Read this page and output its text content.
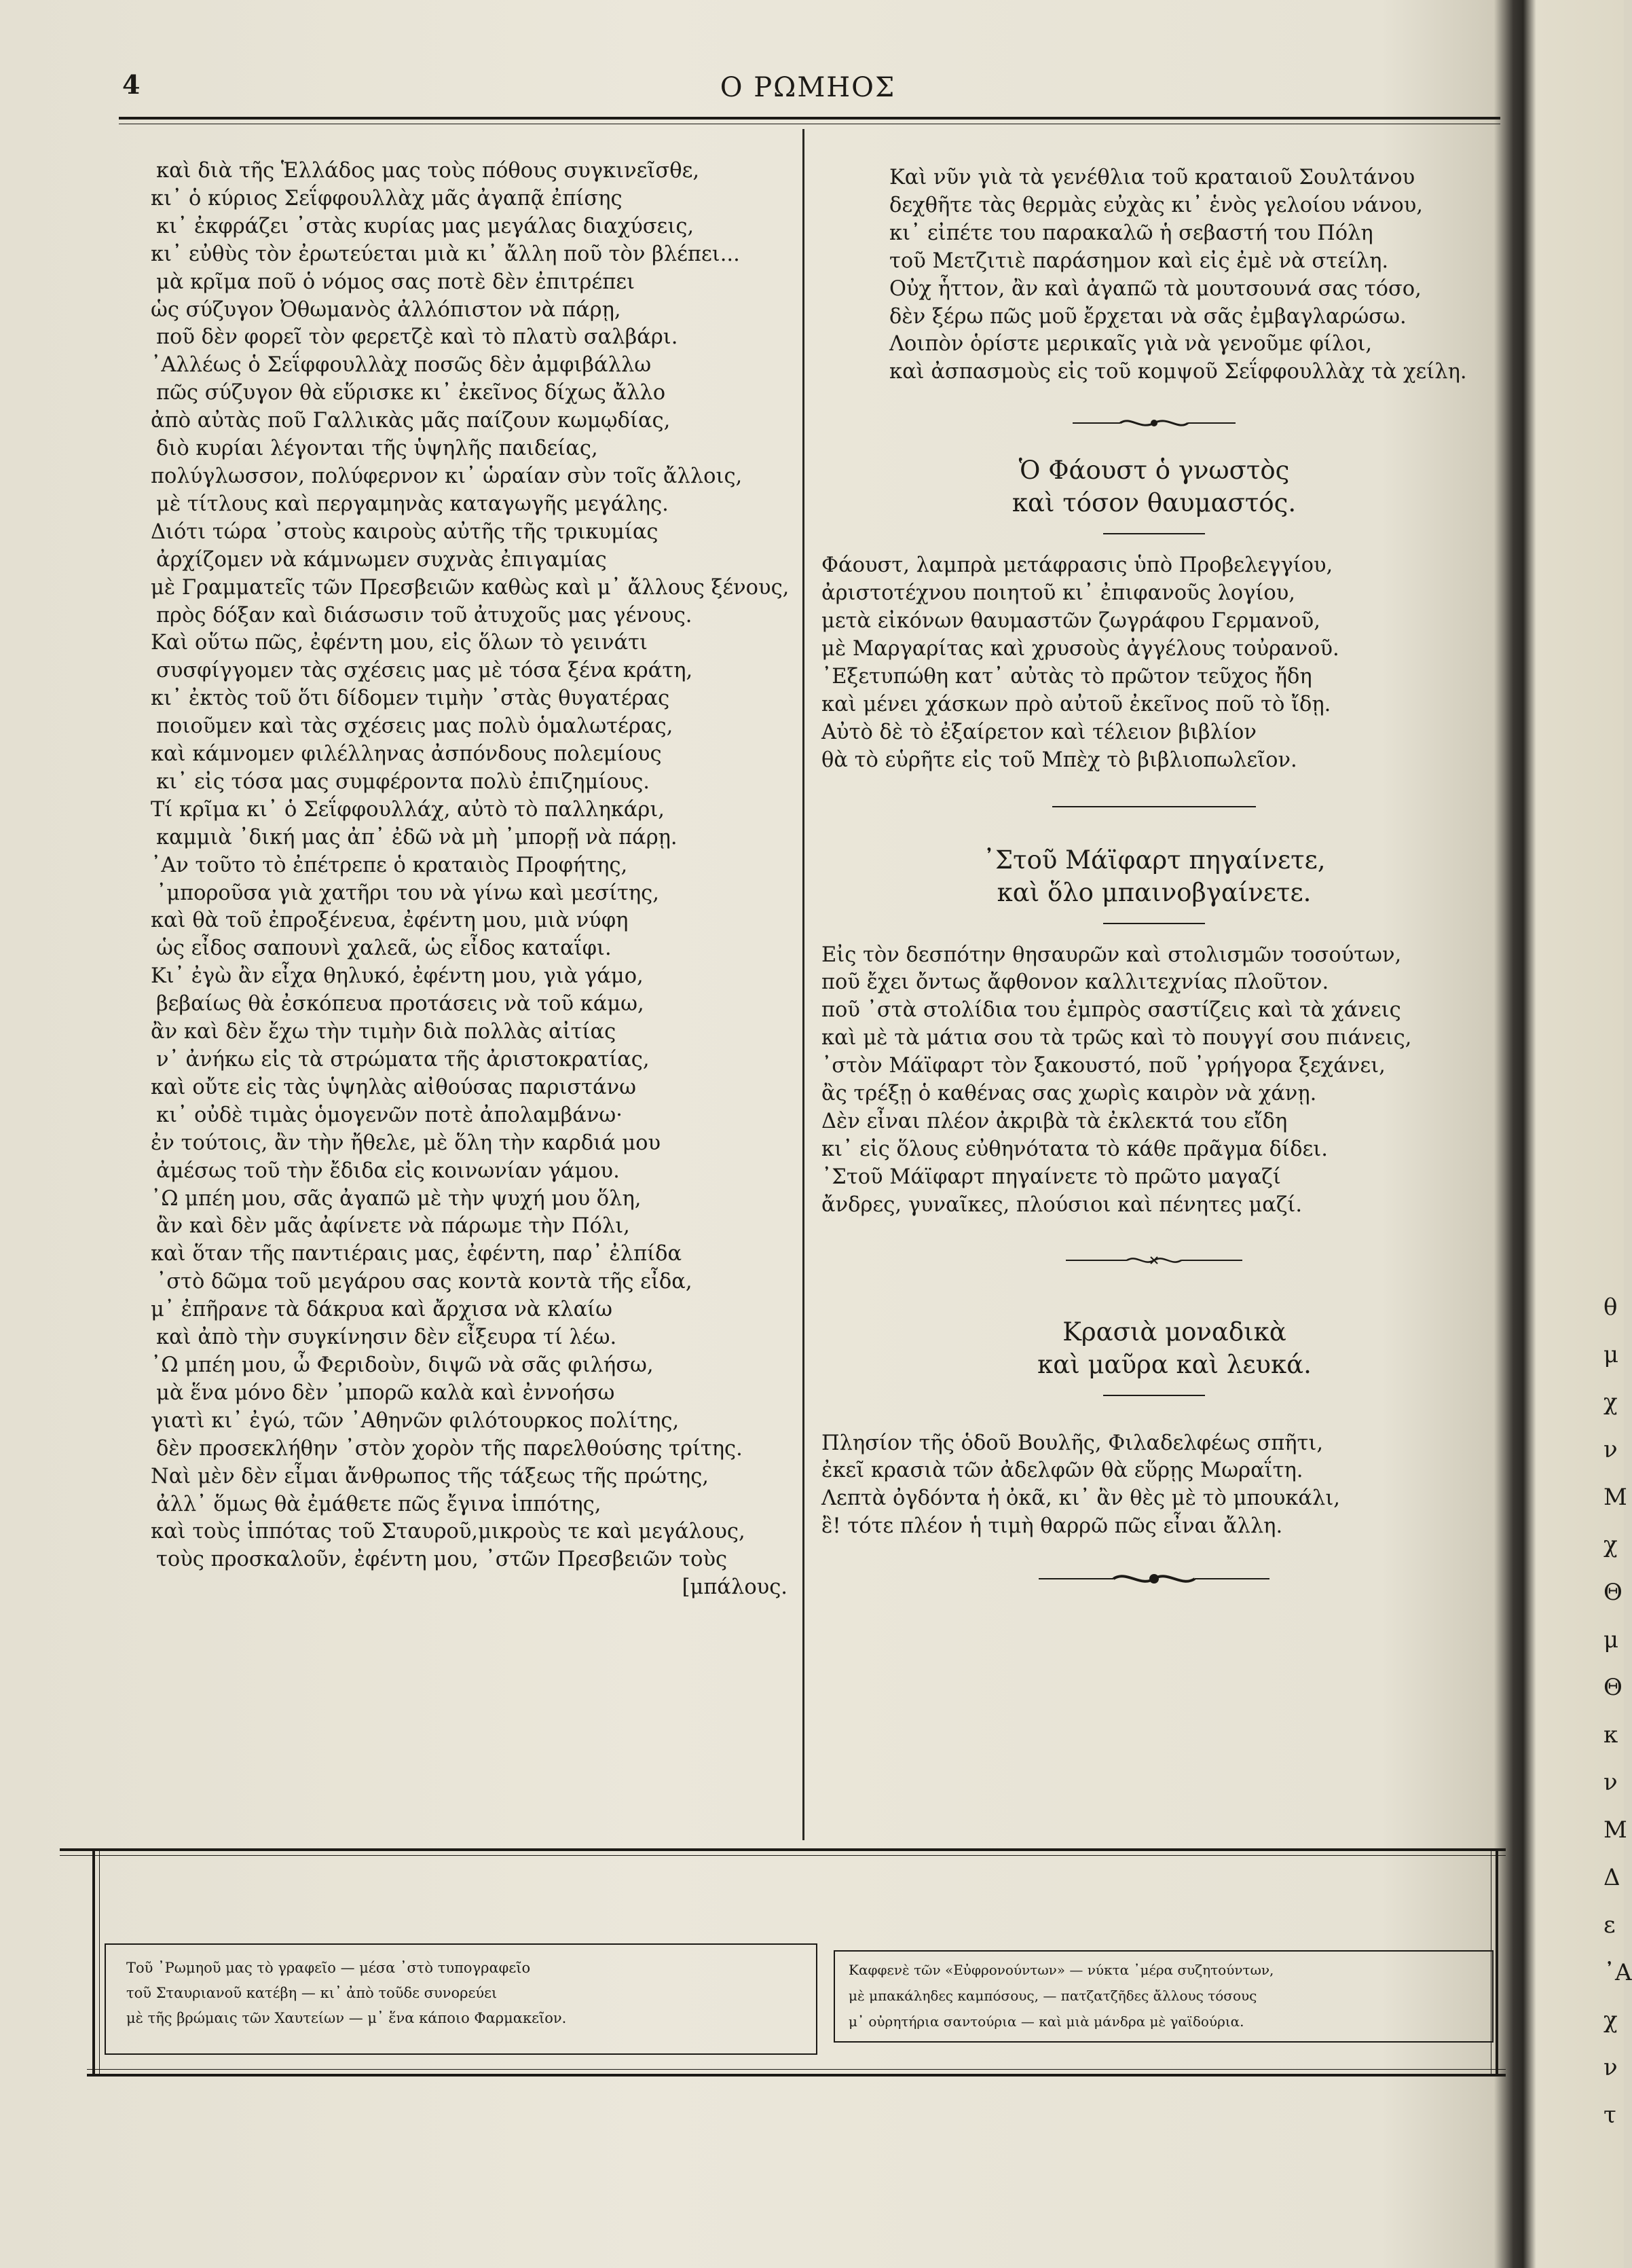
4	Ο ΡΩΜΗΟΣ
καὶ διὰ τῆς Ἑλλάδος μας τοὺς πόθους συγκινεῖσθε,
κι᾽ ὁ κύριος Σεΐφφουλλὰχ μᾶς ἀγαπᾷ ἐπίσης
κι᾽ ἐκφράζει ᾽στὰς κυρίας μας μεγάλας διαχύσεις,
κι᾽ εὐθὺς τὸν ἐρωτεύεται μιὰ κι᾽ ἄλλη ποῦ τὸν βλέπει...
μὰ κρῖμα ποῦ ὁ νόμος σας ποτὲ δὲν ἐπιτρέπει
ὡς σύζυγον Ὀθωμανὸς ἀλλόπιστον νὰ πάρῃ,
ποῦ δὲν φορεῖ τὸν φερετζὲ καὶ τὸ πλατὺ σαλβάρι.
᾽Αλλέως ὁ Σεΐφφουλλὰχ ποσῶς δὲν ἀμφιβάλλω
πῶς σύζυγον θὰ εὕρισκε κι᾽ ἐκεῖνος δίχως ἄλλο
ἀπὸ αὐτὰς ποῦ Γαλλικὰς μᾶς παίζουν κωμῳδίας,
διὸ κυρίαι λέγονται τῆς ὑψηλῆς παιδείας,
πολύγλωσσον, πολύφερνον κι᾽ ὡραίαν σὺν τοῖς ἄλλοις,
μὲ τίτλους καὶ περγαμηνὰς καταγωγῆς μεγάλης.
Διότι τώρα ᾽στοὺς καιροὺς αὐτῆς τῆς τρικυμίας
ἀρχίζομεν νὰ κάμνωμεν συχνὰς ἐπιγαμίας
μὲ Γραμματεῖς τῶν Πρεσβειῶν καθὼς καὶ μ᾽ ἄλλους ξένους,
πρὸς δόξαν καὶ διάσωσιν τοῦ ἀτυχοῦς μας γένους.
Καὶ οὕτω πῶς, ἐφέντη μου, εἰς ὅλων τὸ γεινάτι
συσφίγγομεν τὰς σχέσεις μας μὲ τόσα ξένα κράτη,
κι᾽ ἐκτὸς τοῦ ὅτι δίδομεν τιμὴν ᾽στὰς θυγατέρας
ποιοῦμεν καὶ τὰς σχέσεις μας πολὺ ὁμαλωτέρας,
καὶ κάμνομεν φιλέλληνας ἀσπόνδους πολεμίους
κι᾽ εἰς τόσα μας συμφέροντα πολὺ ἐπιζημίους.
Τί κρῖμα κι᾽ ὁ Σεΐφφουλλάχ, αὐτὸ τὸ παλληκάρι,
καμμιὰ ᾽δική μας ἀπ᾽ ἐδῶ νὰ μὴ ᾽μπορῇ νὰ πάρῃ.
᾽Αν τοῦτο τὸ ἐπέτρεπε ὁ κραταιὸς Προφήτης,
᾽μποροῦσα γιὰ χατῆρι του νὰ γίνω καὶ μεσίτης,
καὶ θὰ τοῦ ἐπροξένευα, ἐφέντη μου, μιὰ νύφη
ὡς εἶδος σαπουνὶ χαλεᾶ, ὡς εἶδος καταΐφι.
Κι᾽ ἐγὼ ἂν εἶχα θηλυκό, ἐφέντη μου, γιὰ γάμο,
βεβαίως θὰ ἐσκόπευα προτάσεις νὰ τοῦ κάμω,
ἂν καὶ δὲν ἔχω τὴν τιμὴν διὰ πολλὰς αἰτίας
ν᾽ ἀνήκω εἰς τὰ στρώματα τῆς ἀριστοκρατίας,
καὶ οὔτε εἰς τὰς ὑψηλὰς αἰθούσας παριστάνω
κι᾽ οὐδὲ τιμὰς ὁμογενῶν ποτὲ ἀπολαμβάνω·
ἐν τούτοις, ἂν τὴν ἤθελε, μὲ ὅλη τὴν καρδιά μου
ἀμέσως τοῦ τὴν ἔδιδα εἰς κοινωνίαν γάμου.
᾽Ω μπέη μου, σᾶς ἀγαπῶ μὲ τὴν ψυχή μου ὅλη,
ἂν καὶ δὲν μᾶς ἀφίνετε νὰ πάρωμε τὴν Πόλι,
καὶ ὅταν τῆς παντιέραις μας, ἐφέντη, παρ᾽ ἐλπίδα
᾽στὸ δῶμα τοῦ μεγάρου σας κοντὰ κοντὰ τῆς εἶδα,
μ᾽ ἐπῆρανε τὰ δάκρυα καὶ ἄρχισα νὰ κλαίω
καὶ ἀπὸ τὴν συγκίνησιν δὲν εἶξευρα τί λέω.
᾽Ω μπέη μου, ὦ Φεριδοὺν, διψῶ νὰ σᾶς φιλήσω,
μὰ ἕνα μόνο δὲν ᾽μπορῶ καλὰ καὶ ἐννοήσω
γιατὶ κι᾽ ἐγώ, τῶν ᾽Αθηνῶν φιλότουρκος πολίτης,
δὲν προσεκλήθην ᾽στὸν χορὸν τῆς παρελθούσης τρίτης.
Ναὶ μὲν δὲν εἶμαι ἄνθρωπος τῆς τάξεως τῆς πρώτης,
ἀλλ᾽ ὅμως θὰ ἐμάθετε πῶς ἔγινα ἱππότης,
καὶ τοὺς ἱππότας τοῦ Σταυροῦ,μικροὺς τε καὶ μεγάλους,
τοὺς προσκαλοῦν, ἐφέντη μου, ᾽στῶν Πρεσβειῶν τοὺς
[μπάλους.
Καὶ νῦν γιὰ τὰ γενέθλια τοῦ κραταιοῦ Σουλτάνου
δεχθῆτε τὰς θερμὰς εὐχὰς κι᾽ ἑνὸς γελοίου νάνου,
κι᾽ εἰπέτε του παρακαλῶ ἡ σεβαστή του Πόλη
τοῦ Μετζιτιὲ παράσημον καὶ εἰς ἐμὲ νὰ στείλη.
Οὐχ ἧττον, ἂν καὶ ἀγαπῶ τὰ μουτσουνά σας τόσο,
δὲν ξέρω πῶς μοῦ ἔρχεται νὰ σᾶς ἐμβαγλαρώσω.
Λοιπὸν ὁρίστε μερικαῖς γιὰ νὰ γενοῦμε φίλοι,
καὶ ἀσπασμοὺς εἰς τοῦ κομψοῦ Σεΐφφουλλὰχ τὰ χείλη.
Ὁ Φάουστ ὁ γνωστὸς
καὶ τόσον θαυμαστός.
Φάουστ, λαμπρὰ μετάφρασις ὑπὸ Προβελεγγίου,
ἀριστοτέχνου ποιητοῦ κι᾽ ἐπιφανοῦς λογίου,
μετὰ εἰκόνων θαυμαστῶν ζωγράφου Γερμανοῦ,
μὲ Μαργαρίτας καὶ χρυσοὺς ἀγγέλους τοὐρανοῦ.
᾽Εξετυπώθη κατ᾽ αὐτὰς τὸ πρῶτον τεῦχος ἤδη
καὶ μένει χάσκων πρὸ αὐτοῦ ἐκεῖνος ποῦ τὸ ἴδῃ.
Αὐτὸ δὲ τὸ ἐξαίρετον καὶ τέλειον βιβλίον
θὰ τὸ εὑρῆτε εἰς τοῦ Μπὲχ τὸ βιβλιοπωλεῖον.
᾽Στοῦ Μάϊφαρτ πηγαίνετε,
καὶ ὅλο μπαινοβγαίνετε.
Εἰς τὸν δεσπότην θησαυρῶν καὶ στολισμῶν τοσούτων,
ποῦ ἔχει ὄντως ἄφθονον καλλιτεχνίας πλοῦτον.
ποῦ ᾽στὰ στολίδια του ἐμπρὸς σαστίζεις καὶ τὰ χάνεις
καὶ μὲ τὰ μάτια σου τὰ τρῶς καὶ τὸ πουγγί σου πιάνεις,
᾽στὸν Μάϊφαρτ τὸν ξακουστό, ποῦ ᾽γρήγορα ξεχάνει,
ἂς τρέξῃ ὁ καθένας σας χωρὶς καιρὸν νὰ χάνῃ.
Δὲν εἶναι πλέον ἀκριβὰ τὰ ἐκλεκτά του εἴδη
κι᾽ εἰς ὅλους εὐθηνότατα τὸ κάθε πρᾶγμα δίδει.
᾽Στοῦ Μάϊφαρτ πηγαίνετε τὸ πρῶτο μαγαζί
ἄνδρες, γυναῖκες, πλούσιοι καὶ πένητες μαζί.
Κρασιὰ μοναδικὰ
καὶ μαῦρα καὶ λευκά.
Πλησίον τῆς ὁδοῦ Βουλῆς, Φιλαδελφέως σπῆτι,
ἐκεῖ κρασιὰ τῶν ἀδελφῶν θὰ εὕρῃς Μωραΐτη.
Λεπτὰ ὀγδόντα ἡ ὀκᾶ, κι᾽ ἂν θὲς μὲ τὸ μπουκάλι,
ἒ! τότε πλέον ἡ τιμὴ θαρρῶ πῶς εἶναι ἄλλη.
Τοῦ ᾽Ρωμηοῦ μας τὸ γραφεῖο — μέσα ᾽στὸ τυπογραφεῖο
τοῦ Σταυριανοῦ κατέβη — κι᾽ ἀπὸ τοῦδε συνορεύει
μὲ τῆς βρώμαις τῶν Χαυτείων — μ᾽ ἕνα κάποιο Φαρμακεῖον.
Καφφενὲ τῶν «Εὐφρονούντων» — νύκτα ᾽μέρα συζητούντων,
μὲ μπακάληδες καμπόσους, — πατζατζῆδες ἄλλους τόσους
μ᾽ οὐρητήρια σαντούρια — καὶ μιὰ μάνδρα μὲ γαϊδούρια.
θ
μ
χ
ν
Μ
χ
Θ
μ
Θ
κ
ν
Μ
Δ
ε
᾽Α
χ
ν
τ
